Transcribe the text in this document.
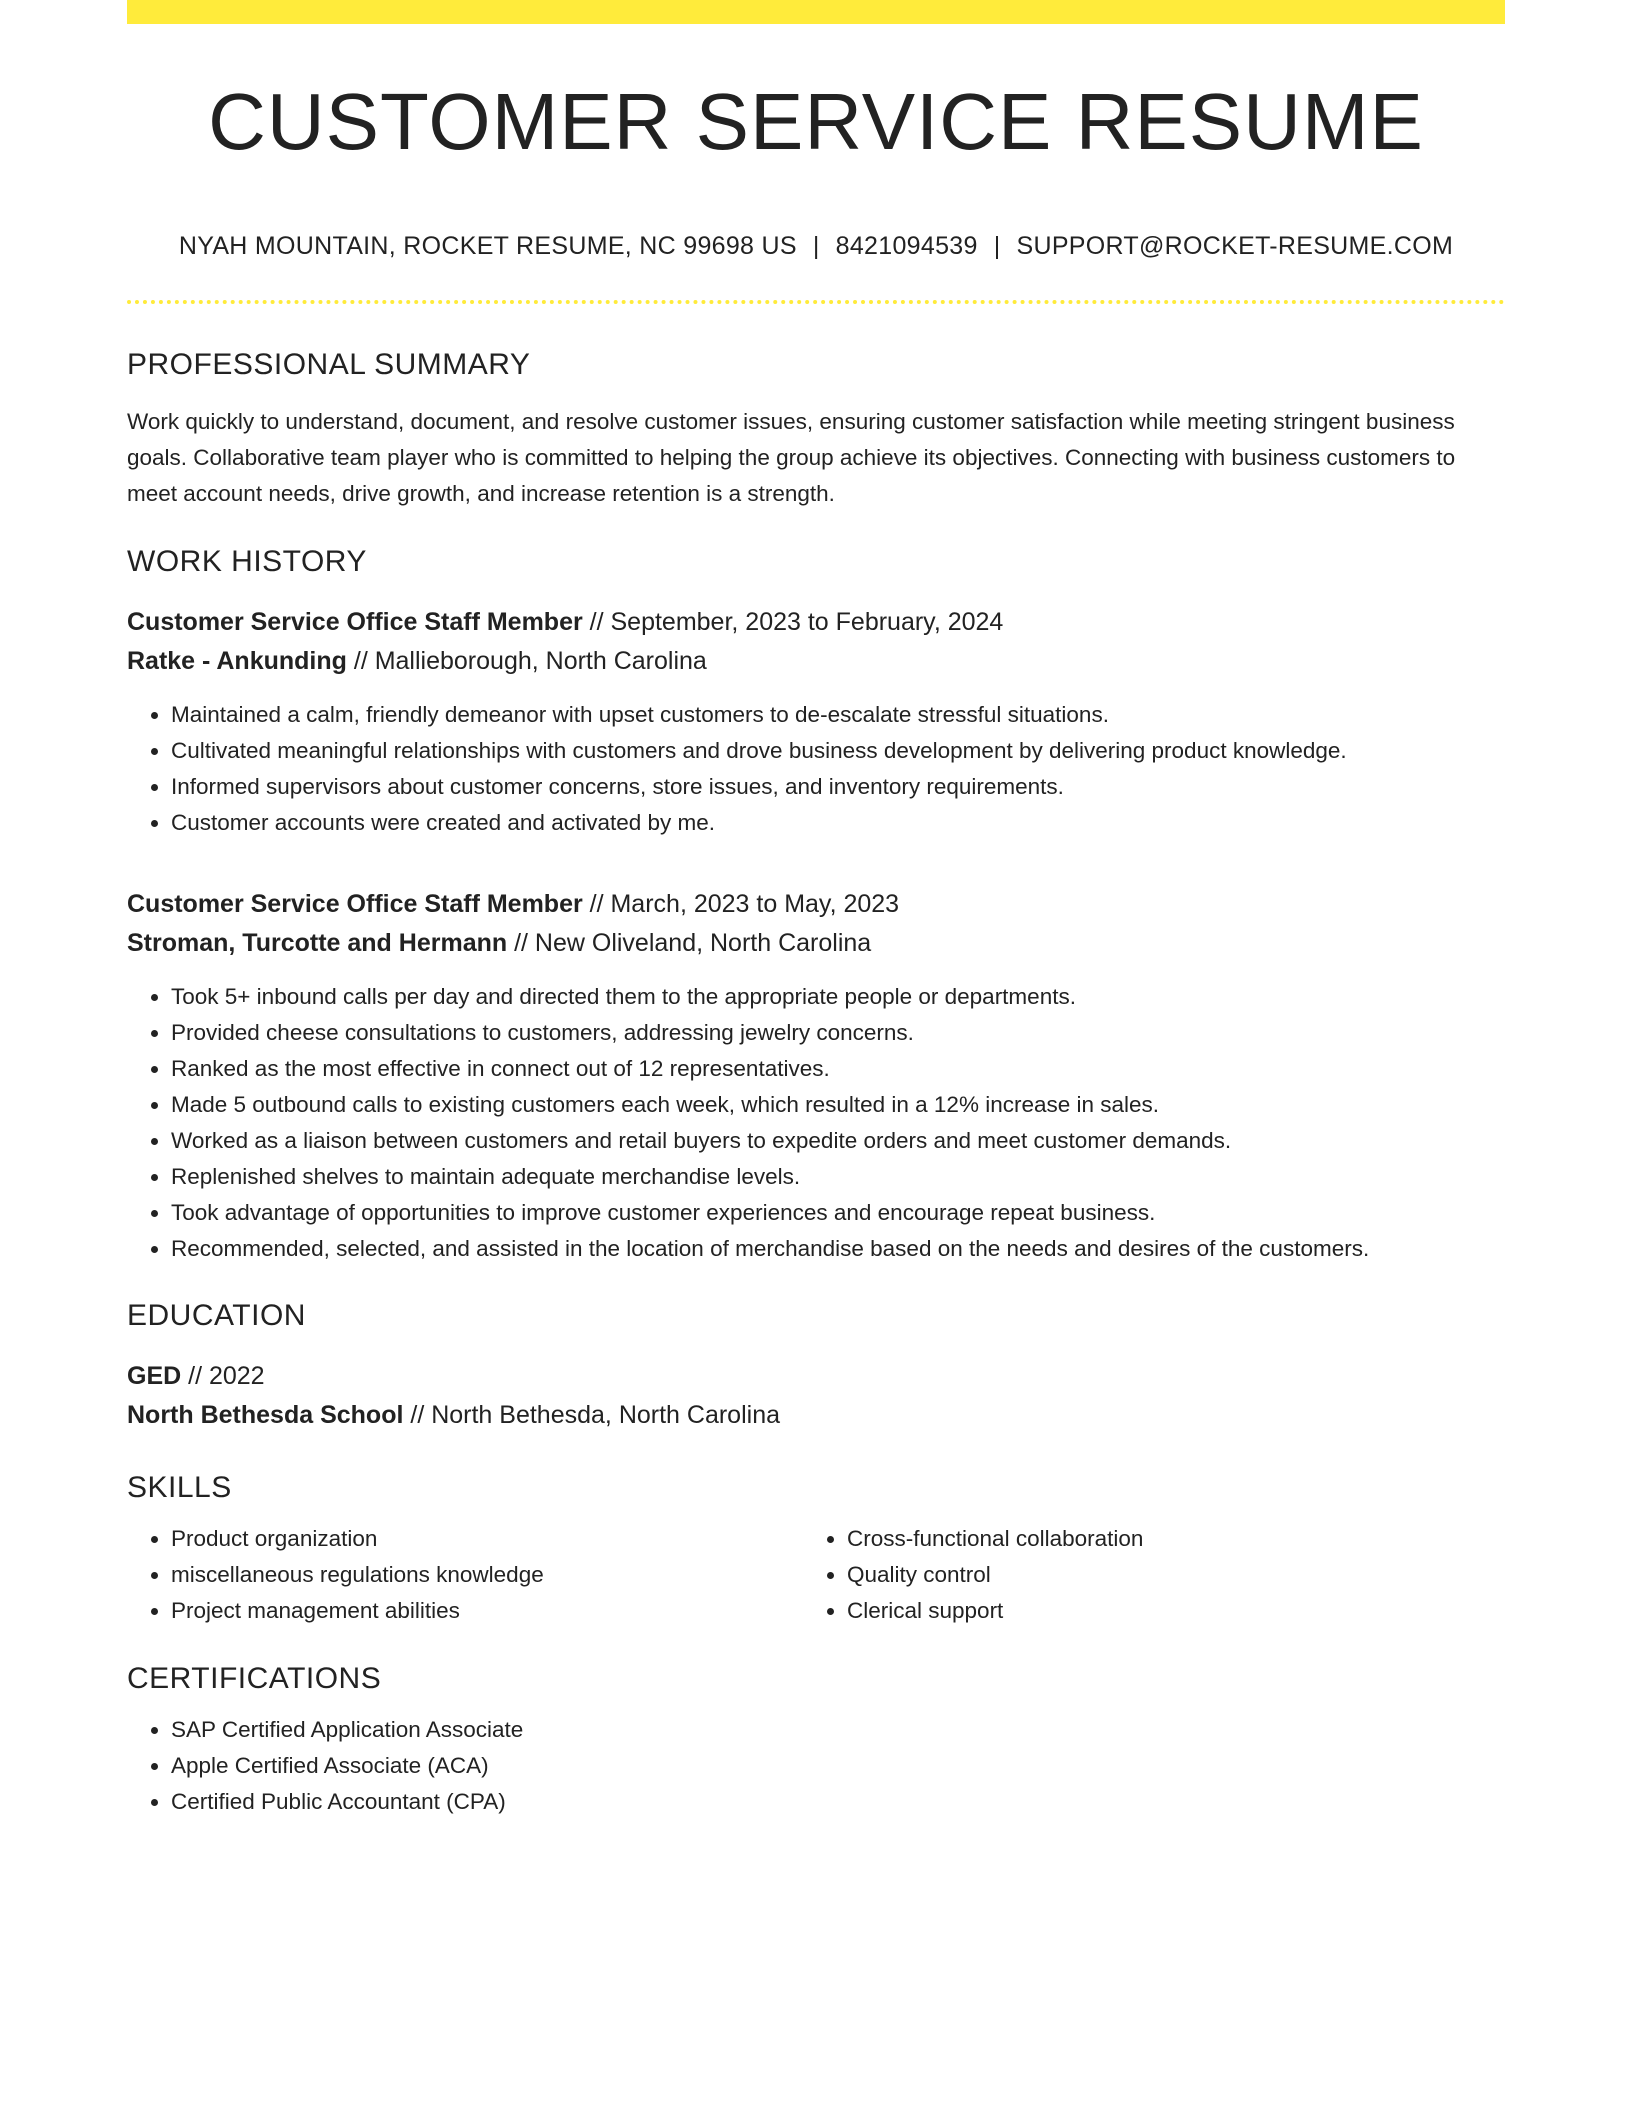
CUSTOMER SERVICE RESUME
NYAH MOUNTAIN, ROCKET RESUME, NC 99698 US | 8421094539 | SUPPORT@ROCKET-RESUME.COM
PROFESSIONAL SUMMARY
Work quickly to understand, document, and resolve customer issues, ensuring customer satisfaction while meeting stringent business goals. Collaborative team player who is committed to helping the group achieve its objectives. Connecting with business customers to meet account needs, drive growth, and increase retention is a strength.
WORK HISTORY
Customer Service Office Staff Member // September, 2023 to February, 2024
Ratke - Ankunding // Mallieborough, North Carolina
• Maintained a calm, friendly demeanor with upset customers to de-escalate stressful situations.
• Cultivated meaningful relationships with customers and drove business development by delivering product knowledge.
• Informed supervisors about customer concerns, store issues, and inventory requirements.
• Customer accounts were created and activated by me.
Customer Service Office Staff Member // March, 2023 to May, 2023
Stroman, Turcotte and Hermann // New Oliveland, North Carolina
• Took 5+ inbound calls per day and directed them to the appropriate people or departments.
• Provided cheese consultations to customers, addressing jewelry concerns.
• Ranked as the most effective in connect out of 12 representatives.
• Made 5 outbound calls to existing customers each week, which resulted in a 12% increase in sales.
• Worked as a liaison between customers and retail buyers to expedite orders and meet customer demands.
• Replenished shelves to maintain adequate merchandise levels.
• Took advantage of opportunities to improve customer experiences and encourage repeat business.
• Recommended, selected, and assisted in the location of merchandise based on the needs and desires of the customers.
EDUCATION
GED // 2022
North Bethesda School // North Bethesda, North Carolina
SKILLS
• Product organization
• miscellaneous regulations knowledge
• Project management abilities
• Cross-functional collaboration
• Quality control
• Clerical support
CERTIFICATIONS
• SAP Certified Application Associate
• Apple Certified Associate (ACA)
• Certified Public Accountant (CPA)
